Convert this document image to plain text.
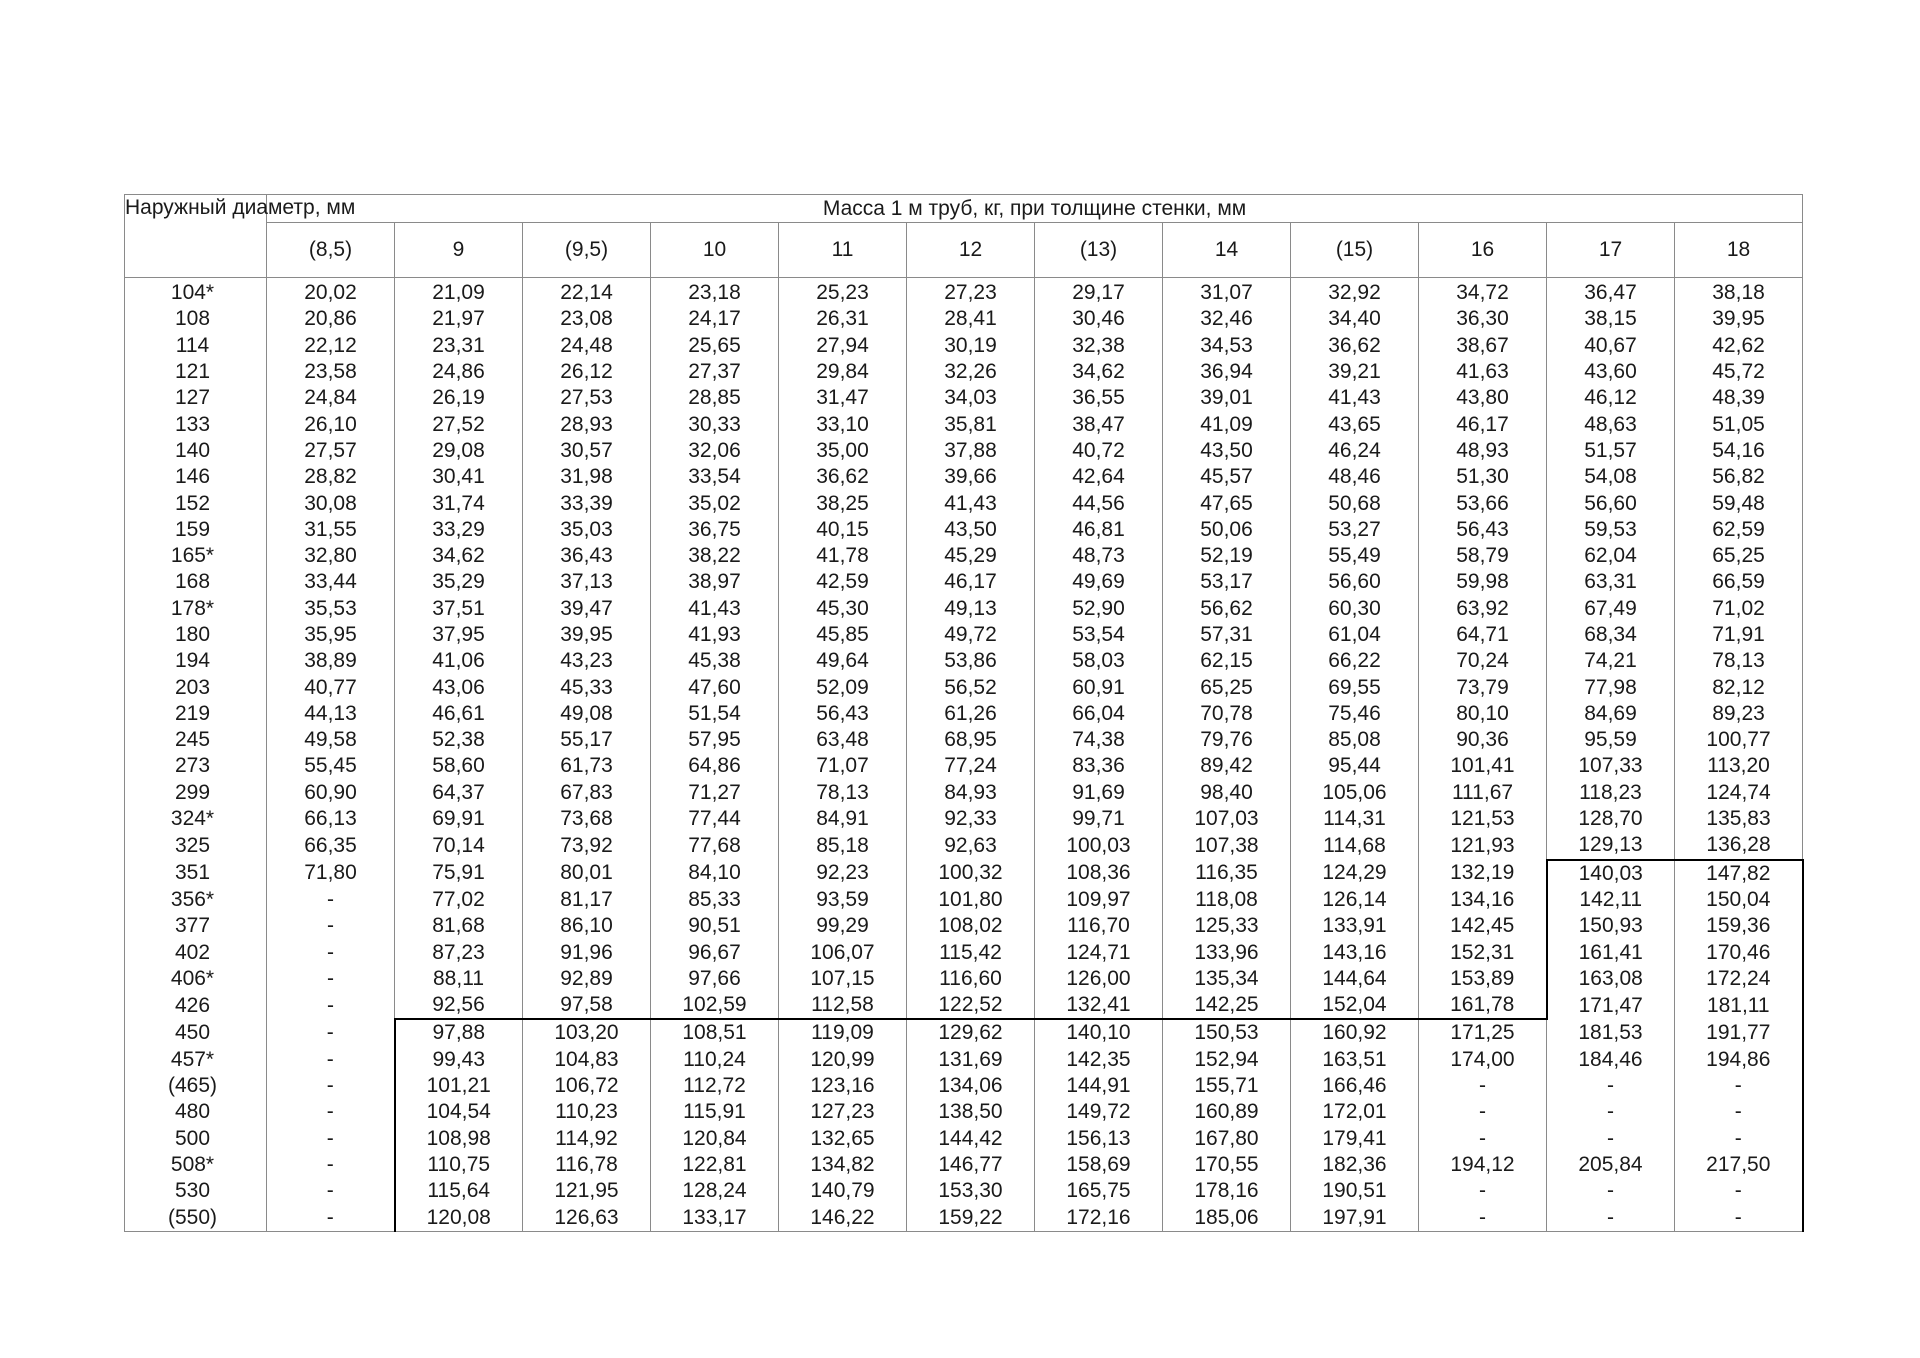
Наружный диаметр, мм	Масса 1 м труб, кг, при толщине стенки, мм											
	(8,5)	9	(9,5)	10	11	12	(13)	14	(15)	16	17	18
104*	20,02	21,09	22,14	23,18	25,23	27,23	29,17	31,07	32,92	34,72	36,47	38,18
108	20,86	21,97	23,08	24,17	26,31	28,41	30,46	32,46	34,40	36,30	38,15	39,95
114	22,12	23,31	24,48	25,65	27,94	30,19	32,38	34,53	36,62	38,67	40,67	42,62
121	23,58	24,86	26,12	27,37	29,84	32,26	34,62	36,94	39,21	41,63	43,60	45,72
127	24,84	26,19	27,53	28,85	31,47	34,03	36,55	39,01	41,43	43,80	46,12	48,39
133	26,10	27,52	28,93	30,33	33,10	35,81	38,47	41,09	43,65	46,17	48,63	51,05
140	27,57	29,08	30,57	32,06	35,00	37,88	40,72	43,50	46,24	48,93	51,57	54,16
146	28,82	30,41	31,98	33,54	36,62	39,66	42,64	45,57	48,46	51,30	54,08	56,82
152	30,08	31,74	33,39	35,02	38,25	41,43	44,56	47,65	50,68	53,66	56,60	59,48
159	31,55	33,29	35,03	36,75	40,15	43,50	46,81	50,06	53,27	56,43	59,53	62,59
165*	32,80	34,62	36,43	38,22	41,78	45,29	48,73	52,19	55,49	58,79	62,04	65,25
168	33,44	35,29	37,13	38,97	42,59	46,17	49,69	53,17	56,60	59,98	63,31	66,59
178*	35,53	37,51	39,47	41,43	45,30	49,13	52,90	56,62	60,30	63,92	67,49	71,02
180	35,95	37,95	39,95	41,93	45,85	49,72	53,54	57,31	61,04	64,71	68,34	71,91
194	38,89	41,06	43,23	45,38	49,64	53,86	58,03	62,15	66,22	70,24	74,21	78,13
203	40,77	43,06	45,33	47,60	52,09	56,52	60,91	65,25	69,55	73,79	77,98	82,12
219	44,13	46,61	49,08	51,54	56,43	61,26	66,04	70,78	75,46	80,10	84,69	89,23
245	49,58	52,38	55,17	57,95	63,48	68,95	74,38	79,76	85,08	90,36	95,59	100,77
273	55,45	58,60	61,73	64,86	71,07	77,24	83,36	89,42	95,44	101,41	107,33	113,20
299	60,90	64,37	67,83	71,27	78,13	84,93	91,69	98,40	105,06	111,67	118,23	124,74
324*	66,13	69,91	73,68	77,44	84,91	92,33	99,71	107,03	114,31	121,53	128,70	135,83
325	66,35	70,14	73,92	77,68	85,18	92,63	100,03	107,38	114,68	121,93	129,13	136,28
351	71,80	75,91	80,01	84,10	92,23	100,32	108,36	116,35	124,29	132,19	140,03	147,82
356*	-	77,02	81,17	85,33	93,59	101,80	109,97	118,08	126,14	134,16	142,11	150,04
377	-	81,68	86,10	90,51	99,29	108,02	116,70	125,33	133,91	142,45	150,93	159,36
402	-	87,23	91,96	96,67	106,07	115,42	124,71	133,96	143,16	152,31	161,41	170,46
406*	-	88,11	92,89	97,66	107,15	116,60	126,00	135,34	144,64	153,89	163,08	172,24
426	-	92,56	97,58	102,59	112,58	122,52	132,41	142,25	152,04	161,78	171,47	181,11
450	-	97,88	103,20	108,51	119,09	129,62	140,10	150,53	160,92	171,25	181,53	191,77
457*	-	99,43	104,83	110,24	120,99	131,69	142,35	152,94	163,51	174,00	184,46	194,86
(465)	-	101,21	106,72	112,72	123,16	134,06	144,91	155,71	166,46	-	-	-
480	-	104,54	110,23	115,91	127,23	138,50	149,72	160,89	172,01	-	-	-
500	-	108,98	114,92	120,84	132,65	144,42	156,13	167,80	179,41	-	-	-
508*	-	110,75	116,78	122,81	134,82	146,77	158,69	170,55	182,36	194,12	205,84	217,50
530	-	115,64	121,95	128,24	140,79	153,30	165,75	178,16	190,51	-	-	-
(550)	-	120,08	126,63	133,17	146,22	159,22	172,16	185,06	197,91	-	-	-
